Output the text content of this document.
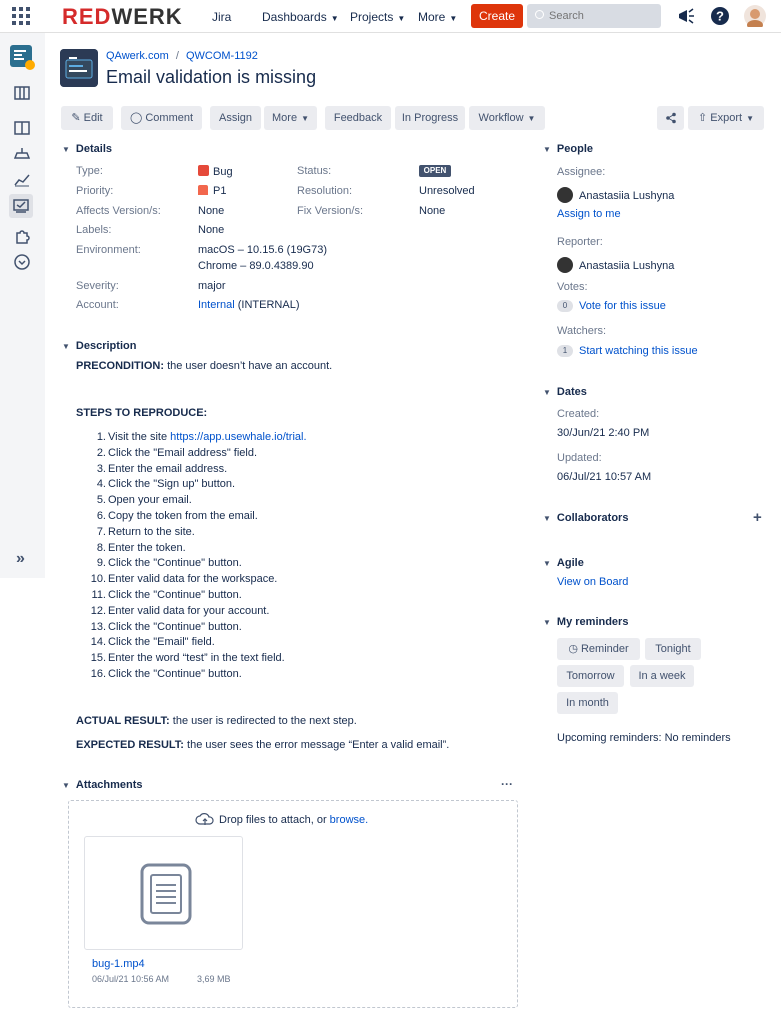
REDWERK Jira	Dashboards ▼ Projects ▼ More ▼	Create
Search	?
»
QAwerk.com / QWCOM-1192
Email validation is missing
✎ Edit	◯ Comment	Assign	More ▼	Feedback	In Progress	Workflow ▼	⇧ Export ▼
▼ Details
Type:	Bug	Status:	OPEN
Priority:	P1	Resolution:	Unresolved
Affects Version/s:	None	Fix Version/s:	None
Labels:	None
Environment:	macOS – 10.15.6 (19G73)
Chrome – 89.0.4389.90
Severity:	major
Account:	Internal (INTERNAL)
▼ Description
PRECONDITION: the user doesn’t have an account.
STEPS TO REPRODUCE:
1. Visit the site https://app.usewhale.io/trial.
2. Click the "Email address" field.
3. Enter the email address.
4. Click the "Sign up" button.
5. Open your email.
6. Copy the token from the email.
7. Return to the site.
8. Enter the token.
9. Click the "Continue" button.
10. Enter valid data for the workspace.
11. Click the "Continue" button.
12. Enter valid data for your account.
13. Click the "Continue" button.
14. Click the "Email" field.
15. Enter the word “test” in the text field.
16. Click the "Continue" button.
ACTUAL RESULT: the user is redirected to the next step.
EXPECTED RESULT: the user sees the error message “Enter a valid email”.
▼ Attachments	···
Drop files to attach, or browse.
bug-1.mp4
06/Jul/21 10:56 AM	3,69 MB
▼ People
Assignee:
Anastasiia Lushyna
Assign to me
Reporter:
Anastasiia Lushyna
Votes:
0 Vote for this issue
Watchers:
1 Start watching this issue
▼ Dates
Created:
30/Jun/21 2:40 PM
Updated:
06/Jul/21 10:57 AM
▼ Collaborators	+
▼ Agile
View on Board
▼ My reminders
◷ Reminder	Tonight
Tomorrow	In a week
In month
Upcoming reminders: No reminders
